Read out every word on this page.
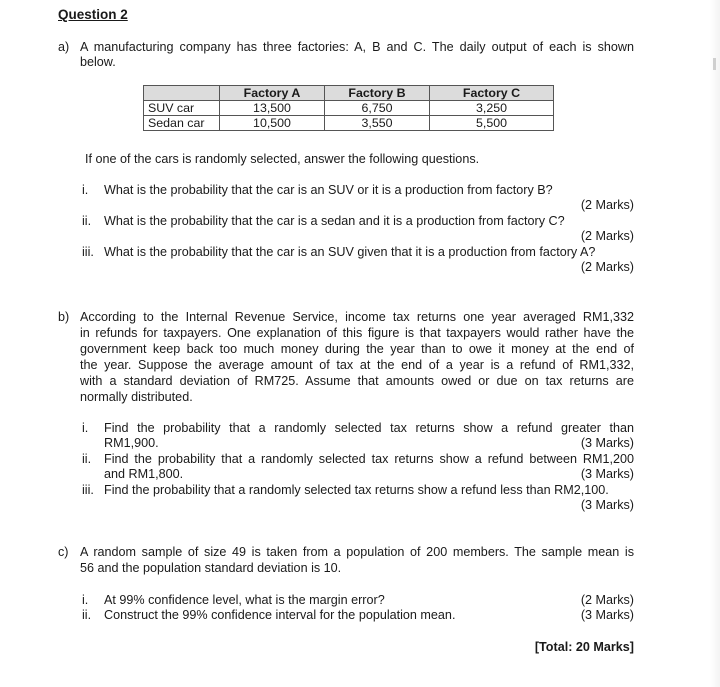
Question 2
a) A manufacturing company has three factories: A, B and C. The daily output of each is shown
below.
	Factory A	Factory B	Factory C
SUV car	13,500	6,750	3,250
Sedan car	10,500	3,550	5,500
If one of the cars is randomly selected, answer the following questions.
i. What is the probability that the car is an SUV or it is a production from factory B?
(2 Marks)
ii. What is the probability that the car is a sedan and it is a production from factory C?
(2 Marks)
iii. What is the probability that the car is an SUV given that it is a production from factory A?
(2 Marks)
b) According to the Internal Revenue Service, income tax returns one year averaged RM1,332
in refunds for taxpayers. One explanation of this figure is that taxpayers would rather have the
government keep back too much money during the year than to owe it money at the end of
the year. Suppose the average amount of tax at the end of a year is a refund of RM1,332,
with a standard deviation of RM725. Assume that amounts owed or due on tax returns are
normally distributed.
i. Find the probability that a randomly selected tax returns show a refund greater than
RM1,900.	(3 Marks)
ii. Find the probability that a randomly selected tax returns show a refund between RM1,200
and RM1,800.	(3 Marks)
iii. Find the probability that a randomly selected tax returns show a refund less than RM2,100.
(3 Marks)
c) A random sample of size 49 is taken from a population of 200 members. The sample mean is
56 and the population standard deviation is 10.
i. At 99% confidence level, what is the margin error?	(2 Marks)
ii. Construct the 99% confidence interval for the population mean.	(3 Marks)
[Total: 20 Marks]
